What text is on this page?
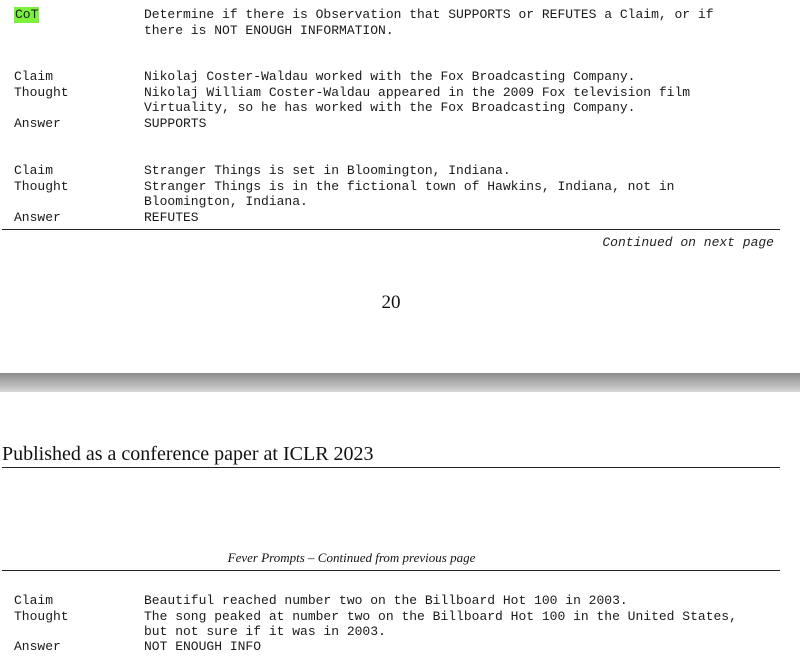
CoT	Determine if there is Observation that SUPPORTS or REFUTES a Claim, or if
there is NOT ENOUGH INFORMATION.
Claim	Nikolaj Coster-Waldau worked with the Fox Broadcasting Company.
Thought	Nikolaj William Coster-Waldau appeared in the 2009 Fox television film
Virtuality, so he has worked with the Fox Broadcasting Company.
Answer	SUPPORTS
Claim	Stranger Things is set in Bloomington, Indiana.
Thought	Stranger Things is in the fictional town of Hawkins, Indiana, not in
Bloomington, Indiana.
Answer	REFUTES
Continued on next page
20
Published as a conference paper at ICLR 2023
Fever Prompts – Continued from previous page
Claim	Beautiful reached number two on the Billboard Hot 100 in 2003.
Thought	The song peaked at number two on the Billboard Hot 100 in the United States,
but not sure if it was in 2003.
Answer	NOT ENOUGH INFO
